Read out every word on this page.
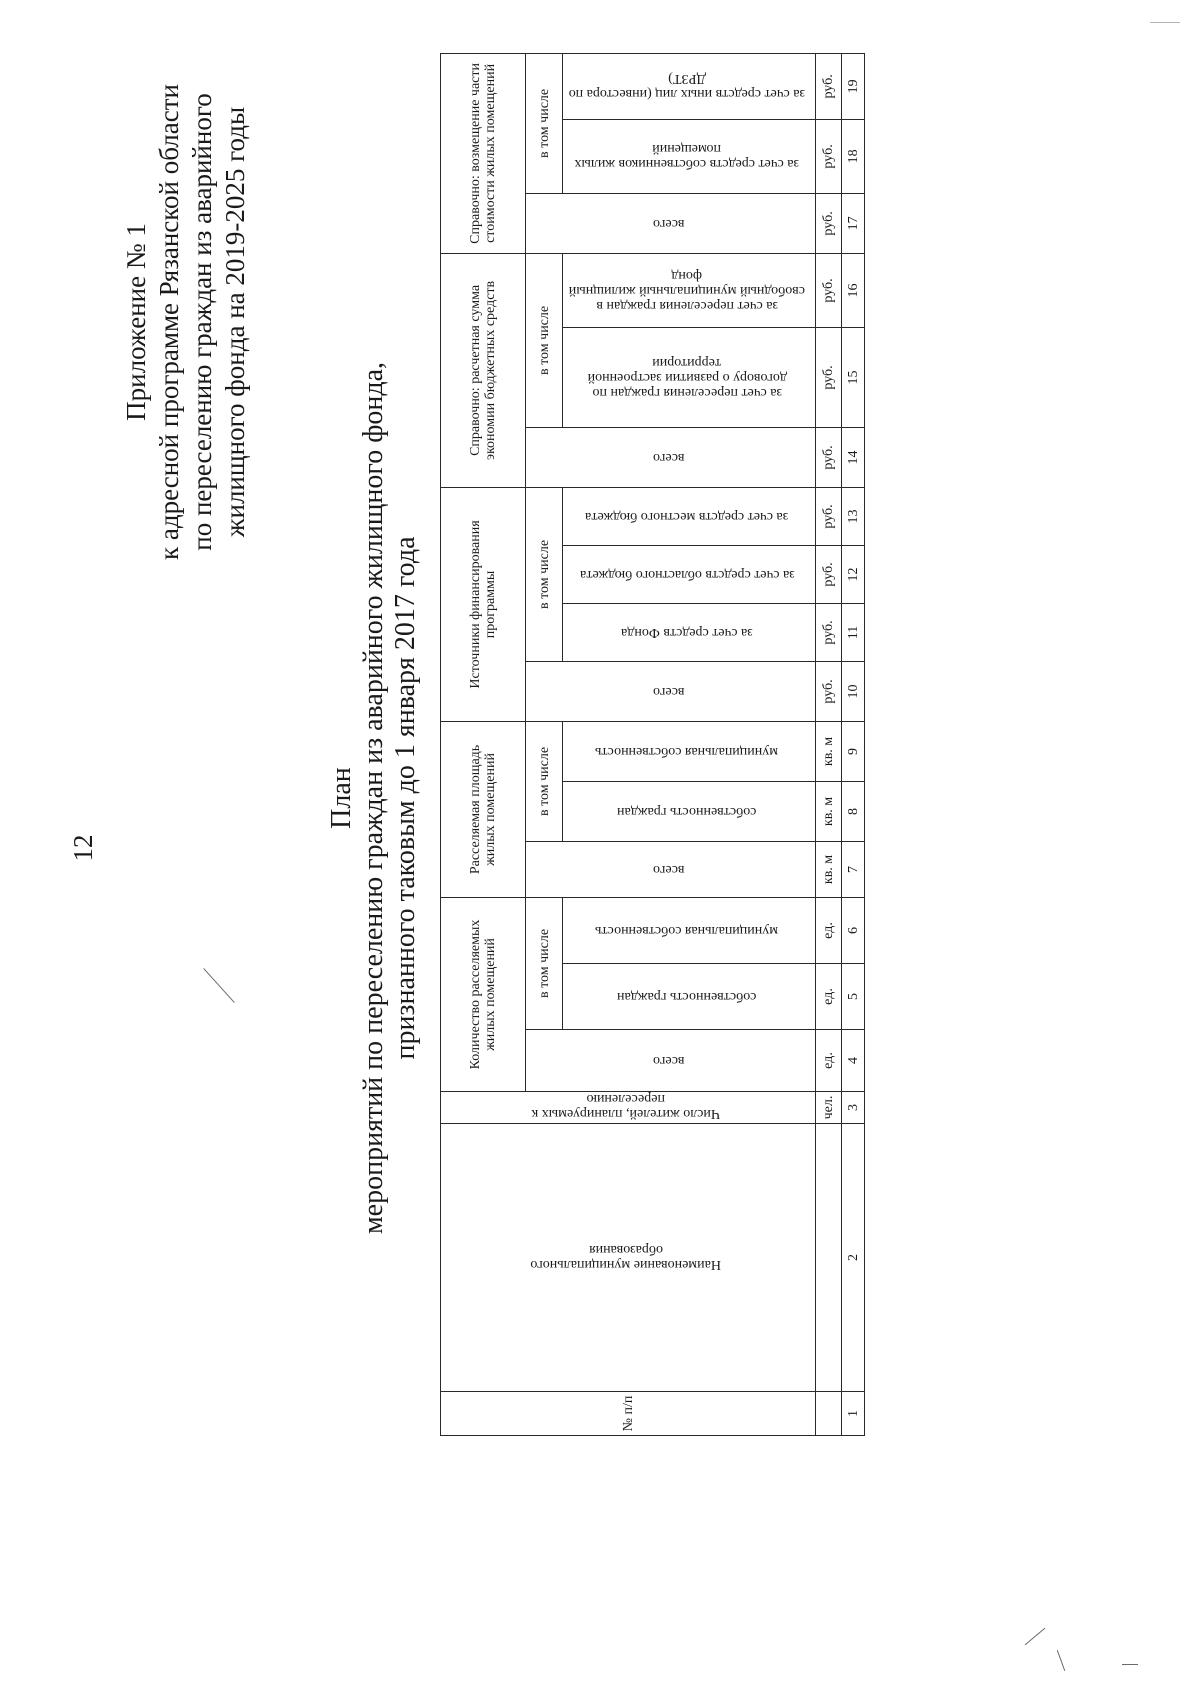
12
Приложение № 1 к адресной программе Рязанской области по переселению граждан из аварийного жилищного фонда на 2019-2025 годы
План мероприятий по переселению граждан из аварийного жилищного фонда, признанного таковым до 1 января 2017 года
№ п/п	Наименование муниципального образования	Число жителей, планируемых к переселению	Количество расселяемых жилых помещений			Расселяемая площадь жилых помещений			Источники финансирования программы				Справочно: расчетная сумма экономии бюджетных средств			Справочно: возмещение части стоимости жилых помещений		
			всего	в том числе		всего	в том числе		всего	в том числе			всего	в том числе		всего	в том числе	
				собственность граждан	муниципальная собственность		собственность граждан	муниципальная собственность		за счет средств Фонда	за счет средств областного бюджета	за счет средств местного бюджета		за счет переселения граждан по договору о развитии застроенной территории	за счет переселения граждан в свободный муниципальный жилищный фонд		за счет средств собственников жилых помещений	за счет средств иных лиц (инвестора по ДРЗТ)
		чел.	ед.	ед.	ед.	кв. м	кв. м	кв. м	руб.	руб.	руб.	руб.	руб.	руб.	руб.	руб.	руб.	руб.
1	2	3	4	5	6	7	8	9	10	11	12	13	14	15	16	17	18	19
